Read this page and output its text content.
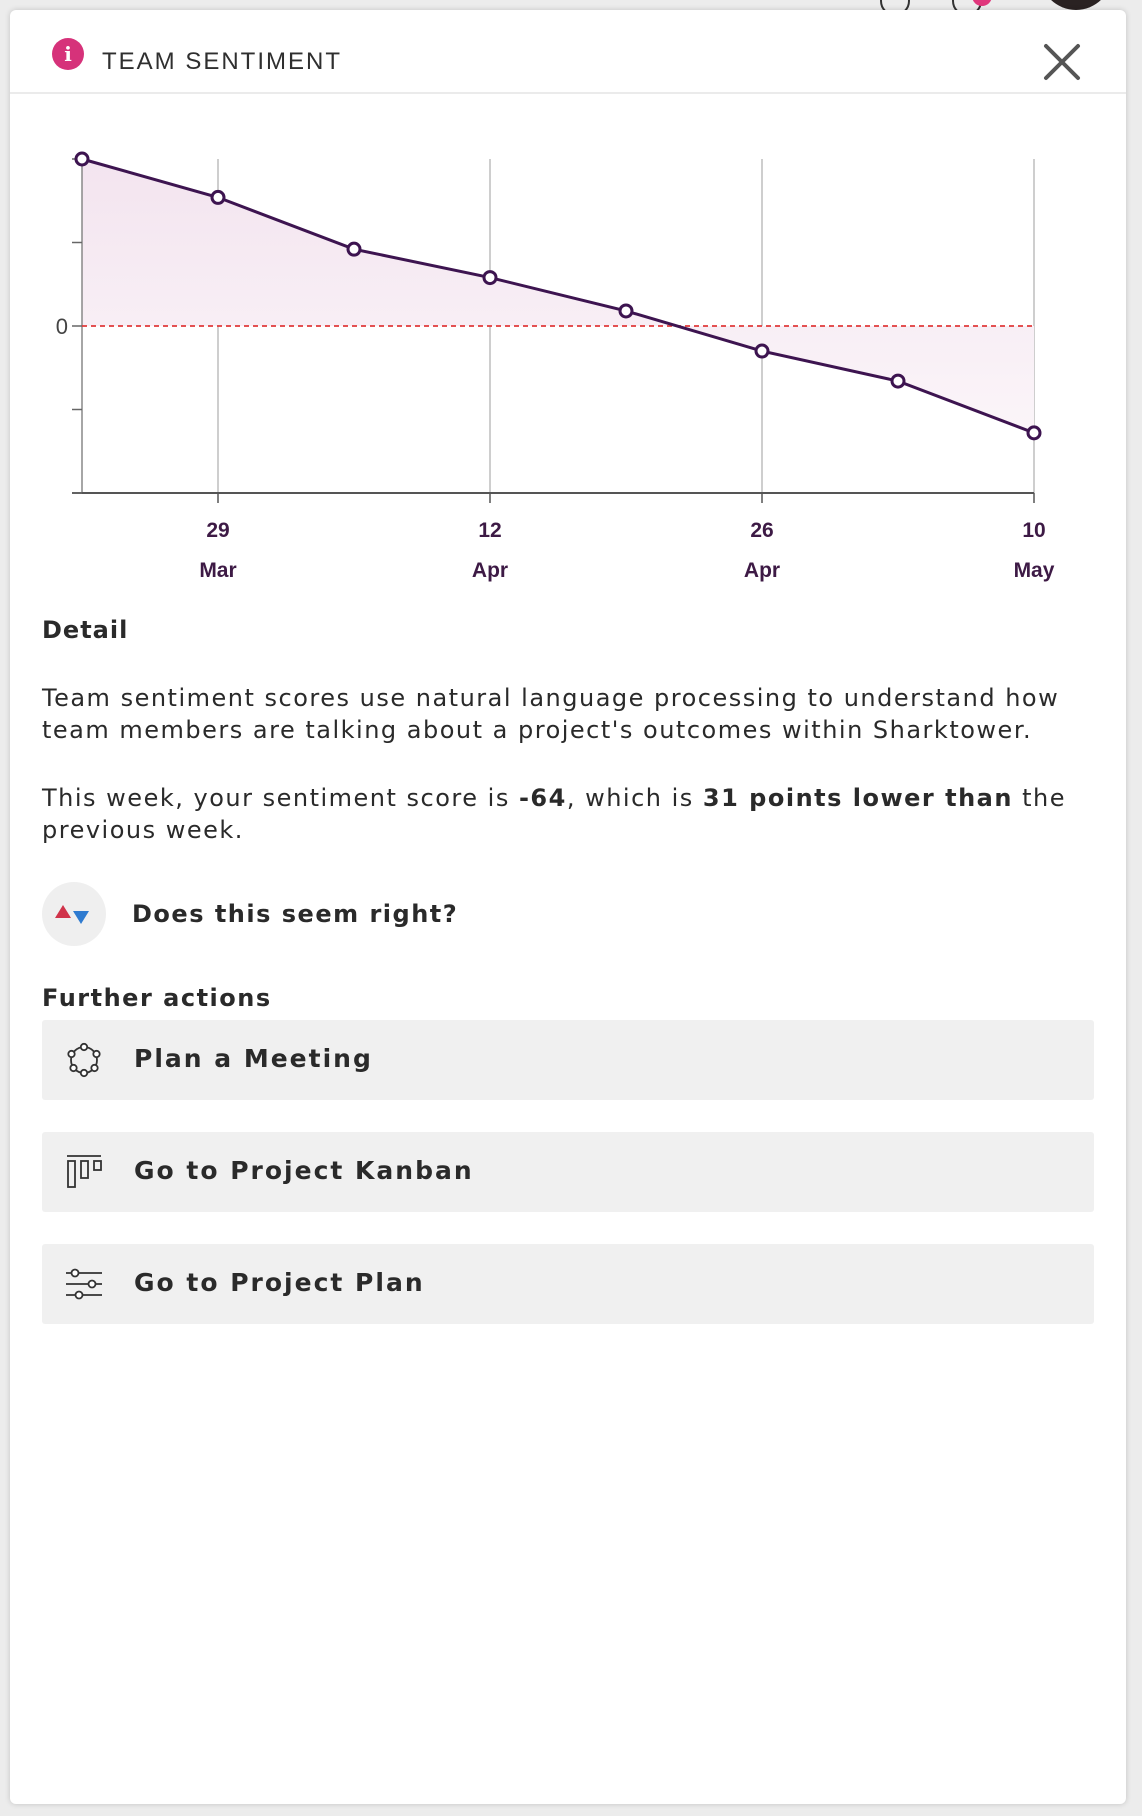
i	TEAM SENTIMENT
0
29
Mar
12
Apr
26
Apr
10
May
Detail
Team sentiment scores use natural language processing to understand how team members are talking about a project's outcomes within Sharktower.
This week, your sentiment score is -64, which is 31 points lower than the previous week.
Does this seem right?
Further actions
Plan a Meeting
Go to Project Kanban
Go to Project Plan
